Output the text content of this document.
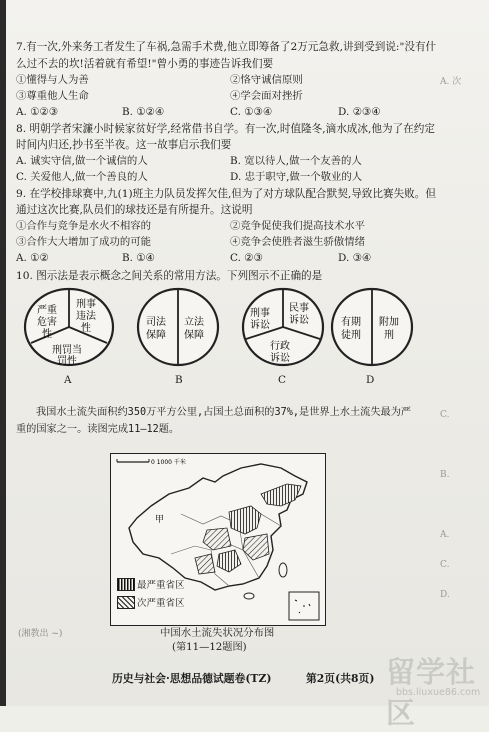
7.有一次,外来务工者发生了车祸,急需手术费,他立即筹备了2万元急救,讲到受到说:"没有什
么过不去的坎!活着就有希望!"曾小勇的事迹告诉我们要
①懂得与人为善	②恪守诚信原则
③尊重他人生命	④学会面对挫折
A. ①②③	B. ①②④	C. ①③④	D. ②③④
8. 明朝学者宋濂小时候家贫好学,经常借书自学。有一次,时值隆冬,滴水成冰,他为了在约定
时间内归还,抄书至半夜。这一故事启示我们要
A. 诚实守信,做一个诚信的人	B. 宽以待人,做一个友善的人
C. 关爱他人,做一个善良的人	D. 忠于职守,做一个敬业的人
9. 在学校排球赛中,九(1)班主力队员发挥欠佳,但为了对方球队配合默契,导致比赛失败。但
通过这次比赛,队员们的球技还是有所提升。这说明
①合作与竞争是水火不相容的	②竞争促使我们提高技术水平
③合作大大增加了成功的可能	④竞争会使胜者滋生骄傲情绪
A. ①②	B. ①④	C. ②③	D. ③④
10. 图示法是表示概念之间关系的常用方法。下列图示不正确的是
严重
危害
性
刑事
违法
性
刑罚当
罚性
A
司法
保障
立法
保障
B
刑事
诉讼
民事
诉讼
行政
诉讼
C
有期
徒刑
附加
刑
D
我国水土流失面积约350万平方公里,占国土总面积的37%,是世界上水土流失最为严
重的国家之一。读图完成11—12题。
0 1000 千米
甲
最严重省区
次严重省区
中国水土流失状况分布图
(第11—12题图)
(湘教出 ~)
A. 次
C.
B.
A.
C.
D.
历史与社会·思想品德试题卷(TZ)	第2页(共8页) 留学社区
bbs.liuxue86.com
